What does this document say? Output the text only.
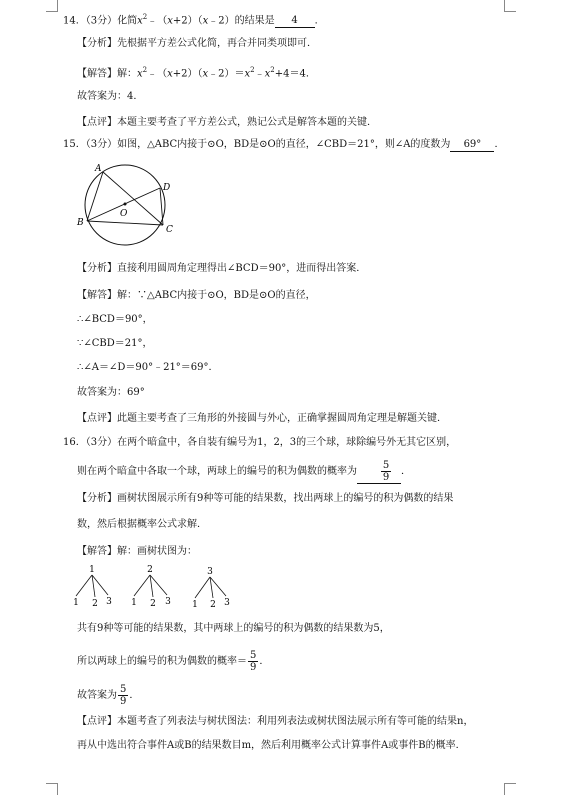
14．（3分）化简$x^2﹣(x+2)(x﹣2)$的结果是 4 ．
【分析】先根据平方差公式化简，再合并同类项即可．
【解答】解：$x^2﹣(x+2)(x﹣2)=x^2﹣x^2+4=4$．
故答案为：4．
【点评】本题主要考查了平方差公式，熟记公式是解答本题的关键．
15．（3分）如图，△ABC内接于⊙O，BD是⊙O的直径，∠CBD＝21°，则∠A的度数为 69° ．
A
B
C
D
O
【分析】直接利用圆周角定理得出∠BCD＝90°，进而得出答案．
【解答】解：∵△ABC内接于⊙O，BD是⊙O的直径，
∴∠BCD＝90°，
∵∠CBD＝21°，
∴∠A＝∠D＝90°﹣21°＝69°．
故答案为：69°
【点评】此题主要考查了三角形的外接圆与外心，正确掌握圆周角定理是解题关键．
16．（3分）在两个暗盒中，各自装有编号为1，2，3的三个球，球除编号外无其它区别，
则在两个暗盒中各取一个球，两球上的编号的积为偶数的概率为 $\frac{5}{9}$ ．
【分析】画树状图展示所有9种等可能的结果数，找出两球上的编号的积为偶数的结果
数，然后根据概率公式求解．
【解答】解：画树状图为：
1
1 2 3
2
1 2 3
3
1 2 3
共有9种等可能的结果数，其中两球上的编号的积为偶数的结果数为5，
所以两球上的编号的积为偶数的概率＝ $\frac{5}{9}$ ．
故答案为 $\frac{5}{9}$ ．
【点评】本题考查了列表法与树状图法：利用列表法或树状图法展示所有等可能的结果n，
再从中选出符合事件A或B的结果数目m，然后利用概率公式计算事件A或事件B的概率．
